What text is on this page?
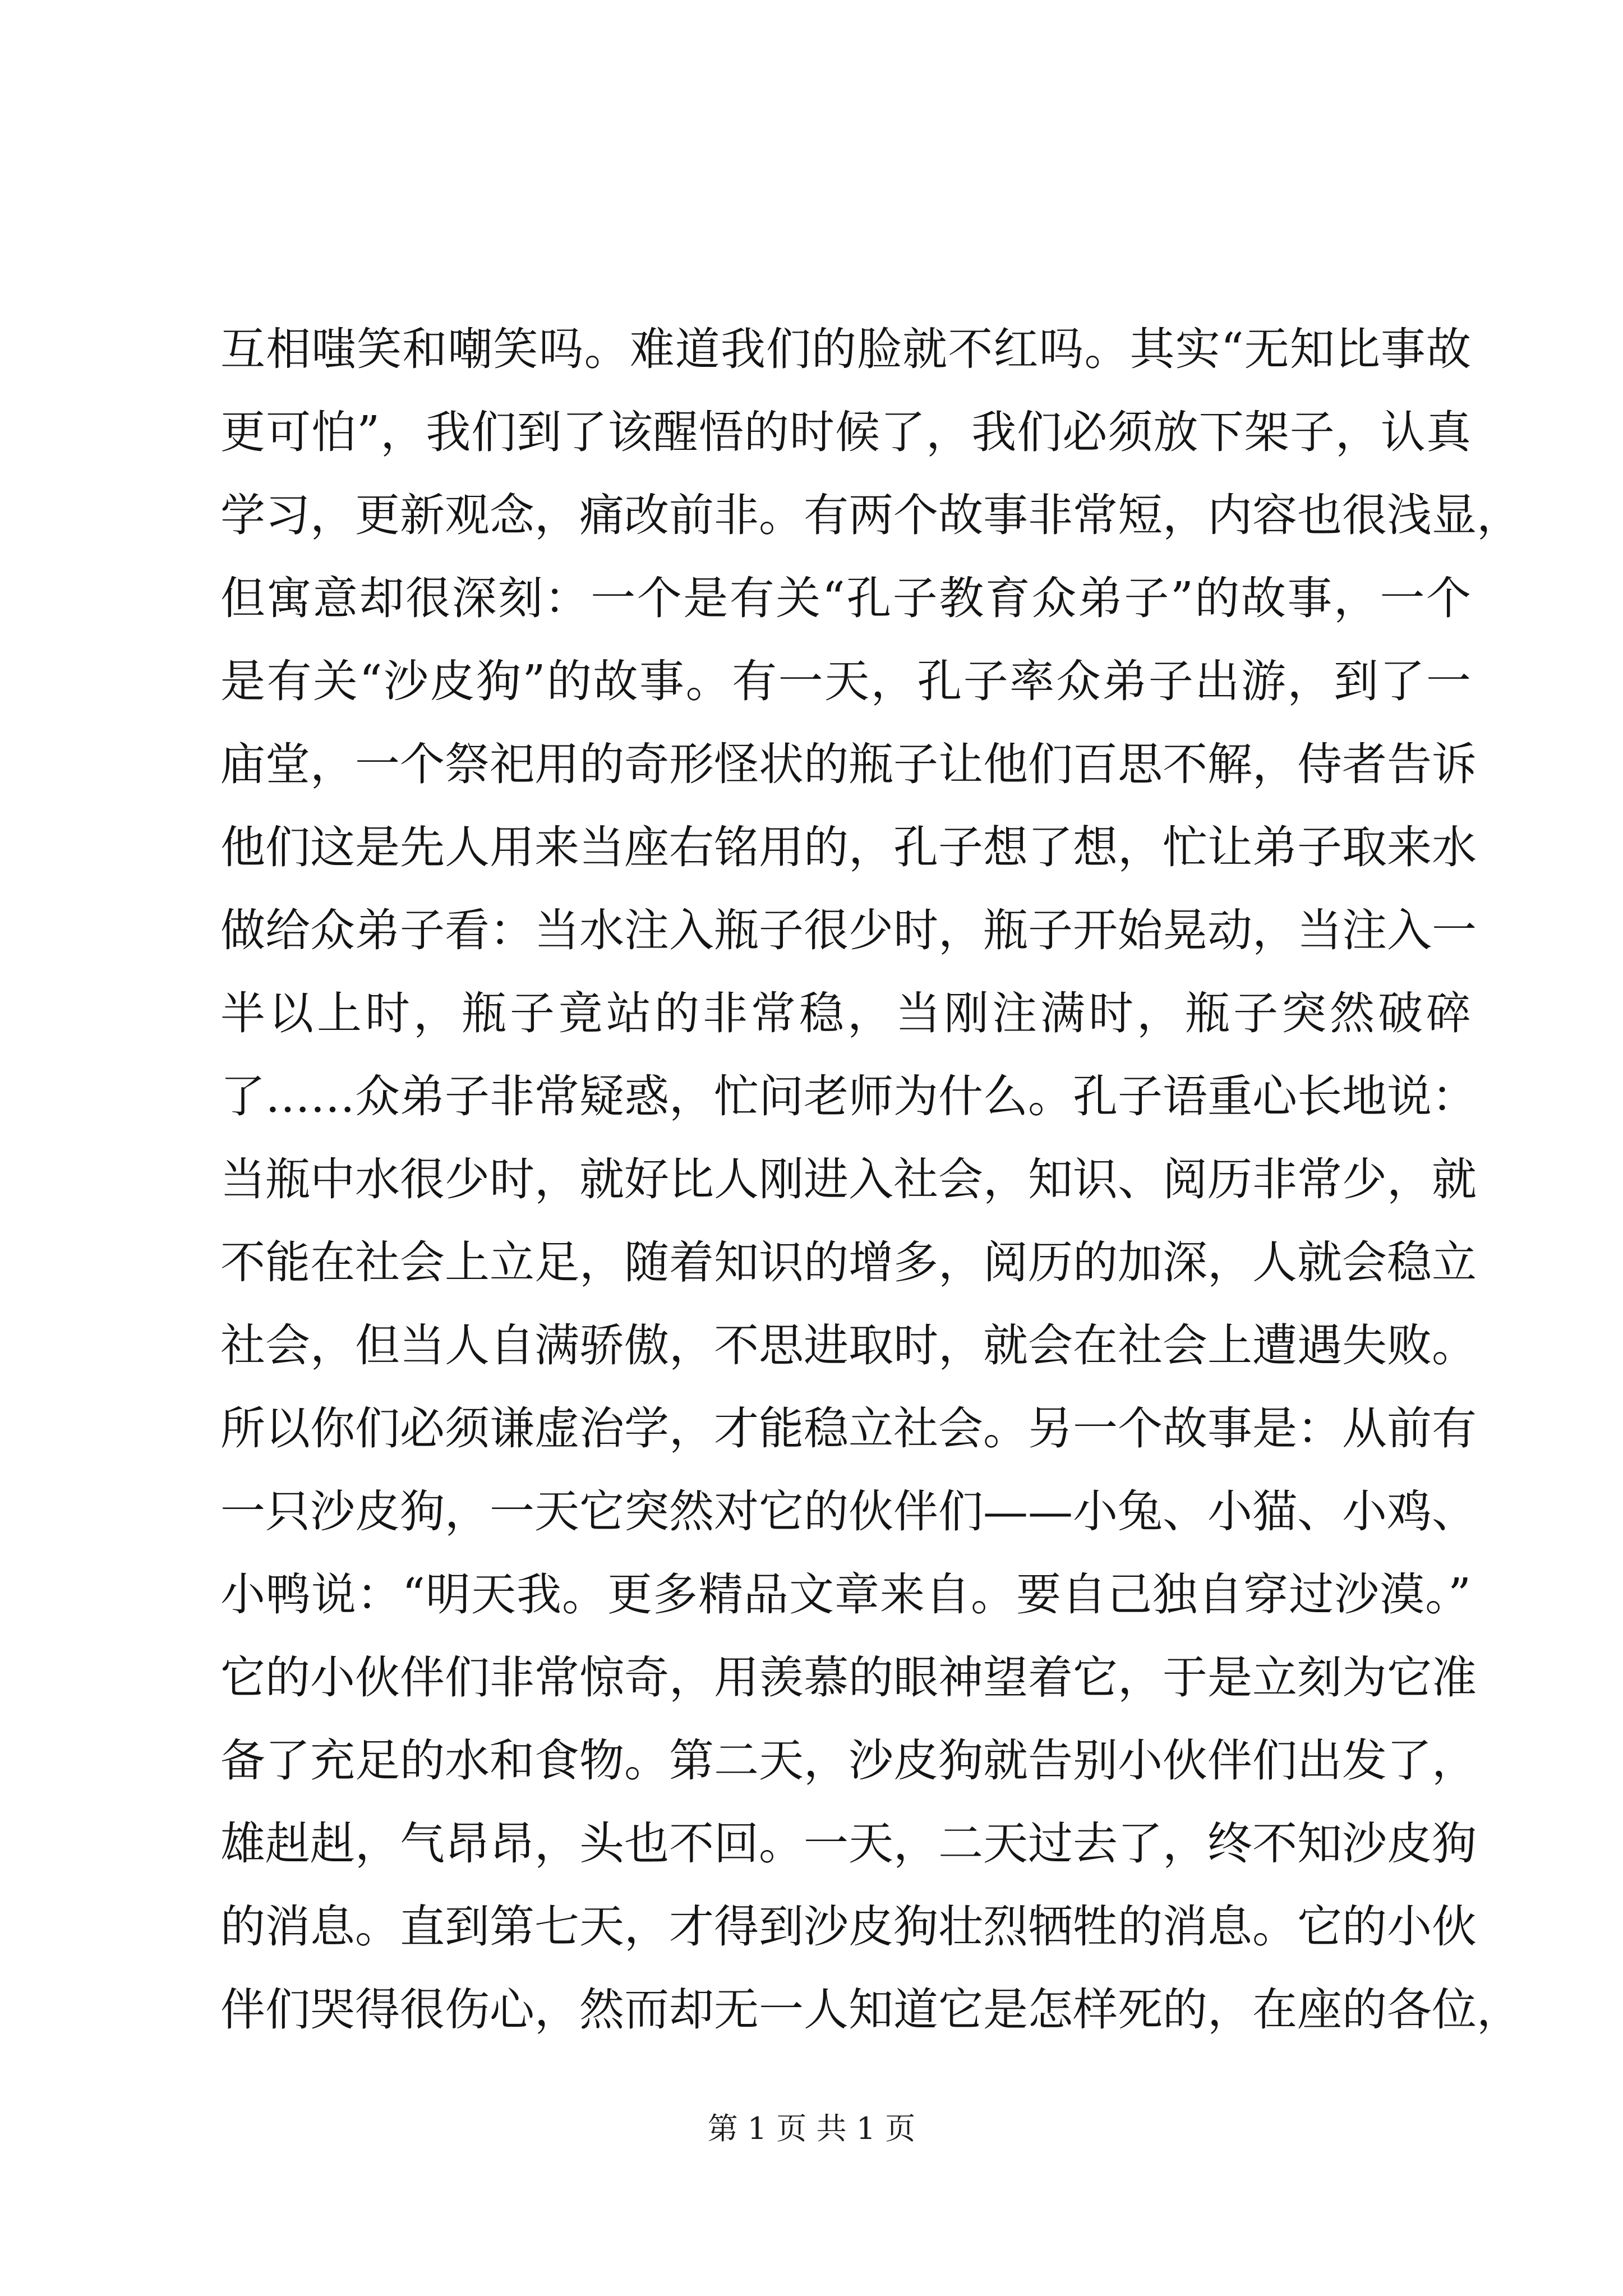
互相嗤笑和嘲笑吗。难道我们的脸就不红吗。其实“无知比事故
更可怕”，我们到了该醒悟的时候了，我们必须放下架子，认真
学习，更新观念，痛改前非。有两个故事非常短，内容也很浅显，
但寓意却很深刻：一个是有关“孔子教育众弟子”的故事，一个
是有关“沙皮狗”的故事。有一天，孔子率众弟子出游，到了一
庙堂，一个祭祀用的奇形怪状的瓶子让他们百思不解，侍者告诉
他们这是先人用来当座右铭用的，孔子想了想，忙让弟子取来水
做给众弟子看：当水注入瓶子很少时，瓶子开始晃动，当注入一
半以上时，瓶子竟站的非常稳，当刚注满时，瓶子突然破碎
了……众弟子非常疑惑，忙问老师为什么。孔子语重心长地说：
当瓶中水很少时，就好比人刚进入社会，知识、阅历非常少，就
不能在社会上立足，随着知识的增多，阅历的加深，人就会稳立
社会，但当人自满骄傲，不思进取时，就会在社会上遭遇失败。
所以你们必须谦虚治学，才能稳立社会。另一个故事是：从前有
一只沙皮狗，一天它突然对它的伙伴们——小兔、小猫、小鸡、
小鸭说：“明天我。更多精品文章来自。要自己独自穿过沙漠。”
它的小伙伴们非常惊奇，用羡慕的眼神望着它，于是立刻为它准
备了充足的水和食物。第二天，沙皮狗就告别小伙伴们出发了，
雄赳赳，气昂昂，头也不回。一天，二天过去了，终不知沙皮狗
的消息。直到第七天，才得到沙皮狗壮烈牺牲的消息。它的小伙
伴们哭得很伤心，然而却无一人知道它是怎样死的，在座的各位，
第 1 页 共 1 页
